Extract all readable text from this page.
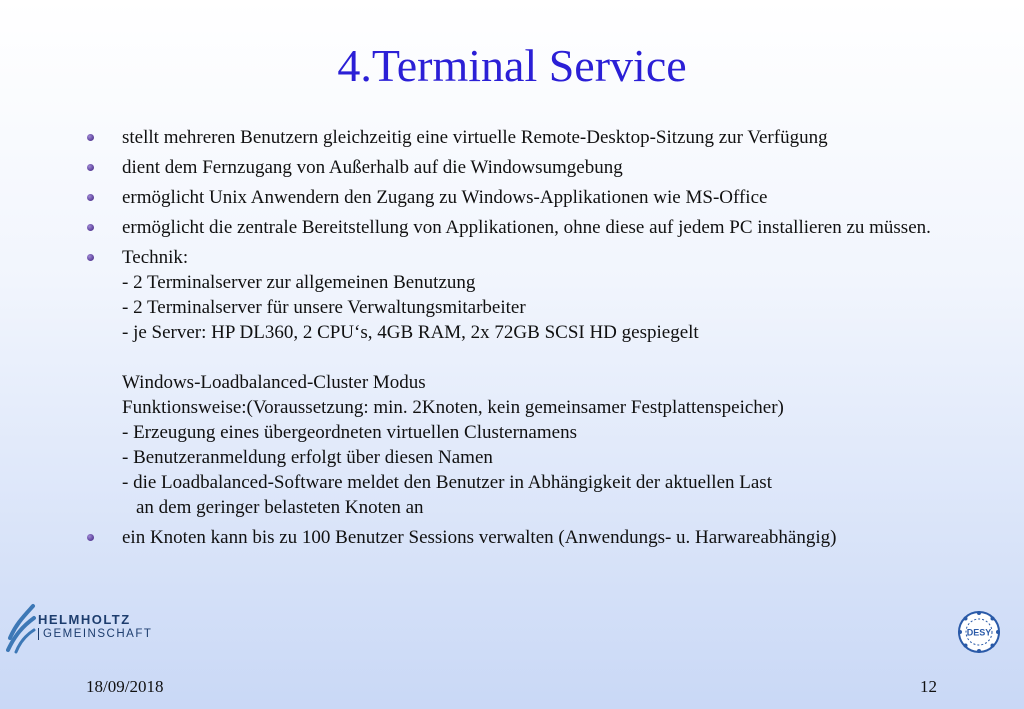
4.Terminal Service
stellt mehreren Benutzern gleichzeitig eine virtuelle Remote-Desktop-Sitzung zur Verfügung
dient dem Fernzugang von Außerhalb auf die Windowsumgebung
ermöglicht Unix Anwendern den Zugang zu Windows-Applikationen wie MS-Office
ermöglicht die zentrale Bereitstellung von Applikationen, ohne diese auf jedem PC installieren zu müssen.
Technik:
- 2 Terminalserver zur allgemeinen Benutzung
- 2 Terminalserver für unsere Verwaltungsmitarbeiter
- je Server: HP DL360, 2 CPU‘s, 4GB RAM, 2x 72GB SCSI HD gespiegelt
Windows-Loadbalanced-Cluster Modus
Funktionsweise:(Voraussetzung: min. 2Knoten, kein gemeinsamer Festplattenspeicher)
- Erzeugung eines übergeordneten virtuellen Clusternamens
- Benutzeranmeldung erfolgt über diesen Namen
- die Loadbalanced-Software meldet den Benutzer in Abhängigkeit der aktuellen Last
an dem geringer belasteten Knoten an
ein Knoten kann bis zu 100 Benutzer Sessions verwalten (Anwendungs- u. Harwareabhängig)
HELMHOLTZ
GEMEINSCHAFT	DESY
18/09/2018	12
